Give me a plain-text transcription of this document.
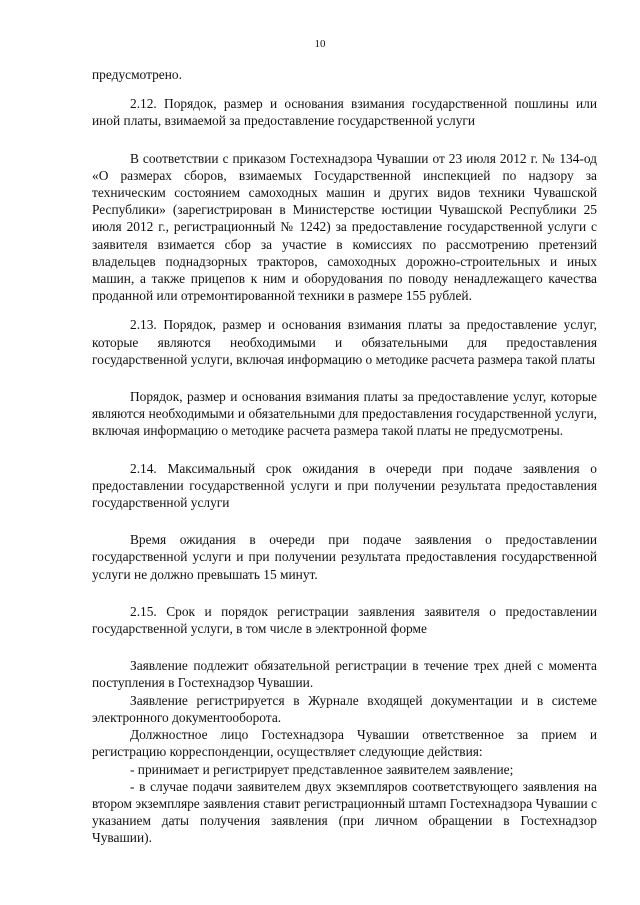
10

предусмотрено.

2.12. Порядок, размер и основания взимания государственной пошлины или иной платы, взимаемой за предоставление государственной услуги

В соответствии с приказом Гостехнадзора Чувашии от 23 июля 2012 г. № 134-од «О размерах сборов, взимаемых Государственной инспекцией по надзору за техническим состоянием самоходных машин и других видов техники Чувашской Республики» (зарегистрирован в Министерстве юстиции Чувашской Республики 25 июля 2012 г., регистрационный № 1242) за предоставление государственной услуги с заявителя взимается сбор за участие в комиссиях по рассмотрению претензий владельцев поднадзорных тракторов, самоходных дорожно-строительных и иных машин, а также прицепов к ним и оборудования по поводу ненадлежащего качества проданной или отремонтированной техники в размере 155 рублей.

2.13. Порядок, размер и основания взимания платы за предоставление услуг, которые являются необходимыми и обязательными для предоставления государственной услуги, включая информацию о методике расчета размера такой платы

Порядок, размер и основания взимания платы за предоставление услуг, которые являются необходимыми и обязательными для предоставления государственной услуги, включая информацию о методике расчета размера такой платы не предусмотрены.

2.14. Максимальный срок ожидания в очереди при подаче заявления о предоставлении государственной услуги и при получении результата предоставления государственной услуги

Время ожидания в очереди при подаче заявления о предоставлении государственной услуги и при получении результата предоставления государственной услуги не должно превышать 15 минут.

2.15. Срок и порядок регистрации заявления заявителя о предоставлении государственной услуги, в том числе в электронной форме

Заявление подлежит обязательной регистрации в течение трех дней с момента поступления в Гостехнадзор Чувашии.

Заявление регистрируется в Журнале входящей документации и в системе электронного документооборота.

Должностное лицо Гостехнадзора Чувашии ответственное за прием и регистрацию корреспонденции, осуществляет следующие действия:

- принимает и регистрирует представленное заявителем заявление;

- в случае подачи заявителем двух экземпляров соответствующего заявления на втором экземпляре заявления ставит регистрационный штамп Гостехнадзора Чувашии с указанием даты получения заявления (при личном обращении в Гостехнадзор Чувашии).
